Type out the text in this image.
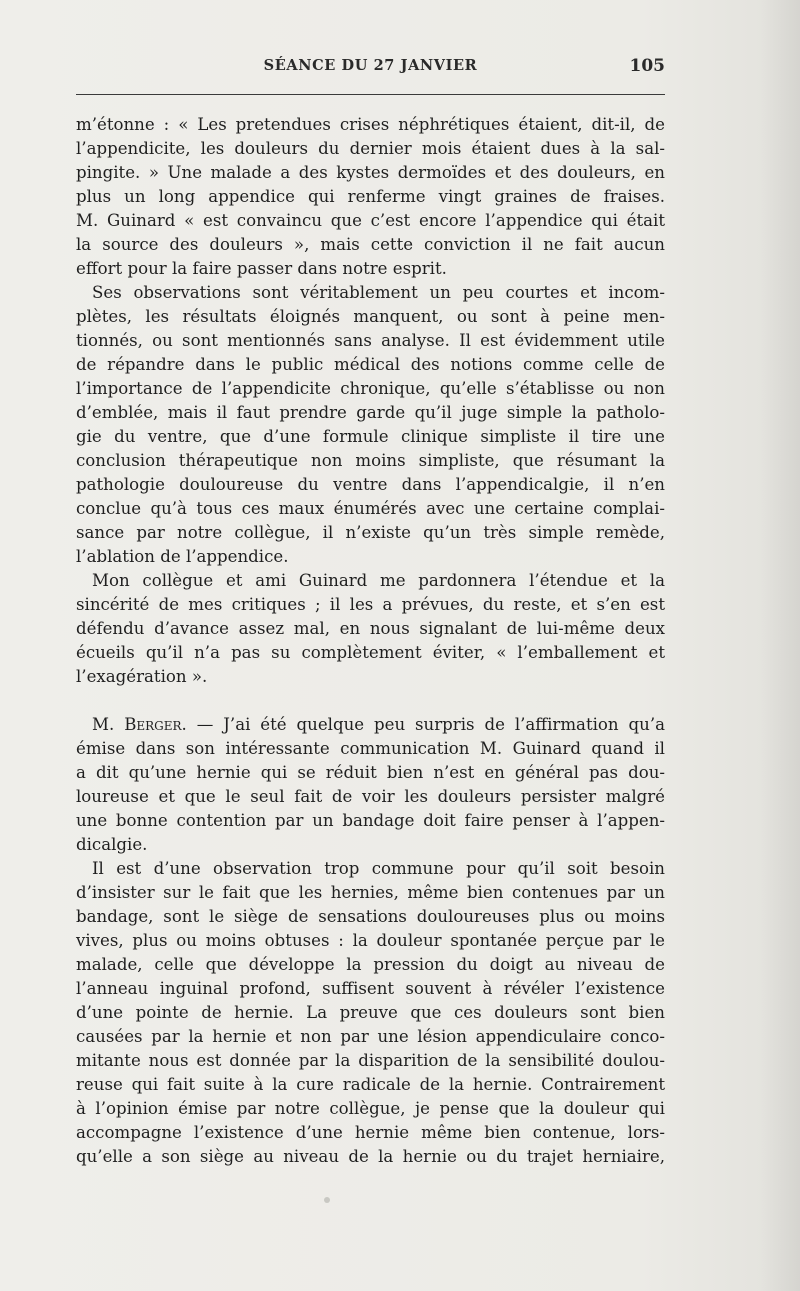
SÉANCE DU 27 JANVIER	105
m’étonne : « Les pretendues crises néphrétiques étaient, dit-il, de
l’appendicite, les douleurs du dernier mois étaient dues à la sal-
pingite. » Une malade a des kystes dermoïdes et des douleurs, en
plus un long appendice qui renferme vingt graines de fraises.
M. Guinard « est convaincu que c’est encore l’appendice qui était
la source des douleurs », mais cette conviction il ne fait aucun
effort pour la faire passer dans notre esprit.
Ses observations sont véritablement un peu courtes et incom-
plètes, les résultats éloignés manquent, ou sont à peine men-
tionnés, ou sont mentionnés sans analyse. Il est évidemment utile
de répandre dans le public médical des notions comme celle de
l’importance de l’appendicite chronique, qu’elle s’établisse ou non
d’emblée, mais il faut prendre garde qu’il juge simple la patholo-
gie du ventre, que d’une formule clinique simpliste il tire une
conclusion thérapeutique non moins simpliste, que résumant la
pathologie douloureuse du ventre dans l’appendicalgie, il n’en
conclue qu’à tous ces maux énumérés avec une certaine complai-
sance par notre collègue, il n’existe qu’un très simple remède,
l’ablation de l’appendice.
Mon collègue et ami Guinard me pardonnera l’étendue et la
sincérité de mes critiques ; il les a prévues, du reste, et s’en est
défendu d’avance assez mal, en nous signalant de lui-même deux
écueils qu’il n’a pas su complètement éviter, « l’emballement et
l’exagération ».
M. Berger. — J’ai été quelque peu surpris de l’affirmation qu’a
émise dans son intéressante communication M. Guinard quand il
a dit qu’une hernie qui se réduit bien n’est en général pas dou-
loureuse et que le seul fait de voir les douleurs persister malgré
une bonne contention par un bandage doit faire penser à l’appen-
dicalgie.
Il est d’une observation trop commune pour qu’il soit besoin
d’insister sur le fait que les hernies, même bien contenues par un
bandage, sont le siège de sensations douloureuses plus ou moins
vives, plus ou moins obtuses : la douleur spontanée perçue par le
malade, celle que développe la pression du doigt au niveau de
l’anneau inguinal profond, suffisent souvent à révéler l’existence
d’une pointe de hernie. La preuve que ces douleurs sont bien
causées par la hernie et non par une lésion appendiculaire conco-
mitante nous est donnée par la disparition de la sensibilité doulou-
reuse qui fait suite à la cure radicale de la hernie. Contrairement
à l’opinion émise par notre collègue, je pense que la douleur qui
accompagne l’existence d’une hernie même bien contenue, lors-
qu’elle a son siège au niveau de la hernie ou du trajet herniaire,
